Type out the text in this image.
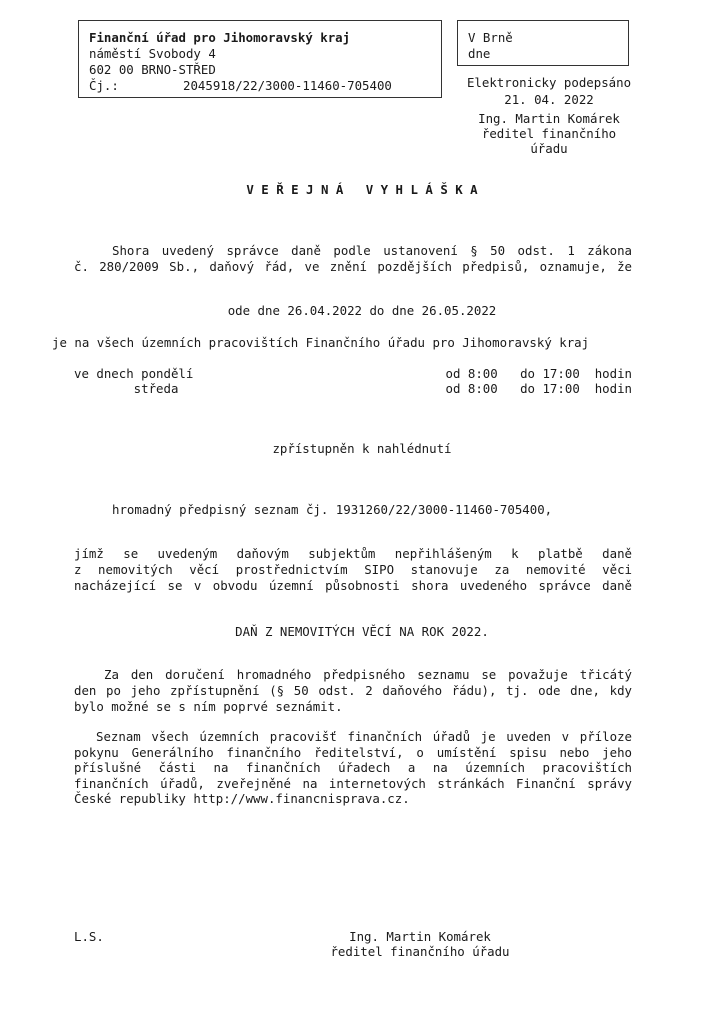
Finanční úřad pro Jihomoravský kraj
náměstí Svobody 4
602 00 BRNO-STŘED
Čj.:	2045918/22/3000-11460-705400
V Brně
dne
Elektronicky podepsáno
21. 04. 2022
Ing. Martin Komárek
ředitel finančního
úřadu
V E Ř E J N Á   V Y H L Á Š K A
Shora uvedený správce daně podle ustanovení § 50 odst. 1 zákona
č. 280/2009 Sb., daňový řád, ve znění pozdějších předpisů, oznamuje, že
ode dne 26.04.2022 do dne 26.05.2022
je na všech územních pracovištích Finančního úřadu pro Jihomoravský kraj
ve dnech pondělí	od 8:00   do 17:00  hodin
středa	od 8:00   do 17:00  hodin
zpřístupněn k nahlédnutí
hromadný předpisný seznam čj. 1931260/22/3000-11460-705400,
jímž se uvedeným daňovým subjektům nepřihlášeným k platbě daně
z nemovitých věcí prostřednictvím SIPO stanovuje za nemovité věci
nacházející se v obvodu územní působnosti shora uvedeného správce daně
DAŇ Z NEMOVITÝCH VĚCÍ NA ROK 2022.
Za den doručení hromadného předpisného seznamu se považuje třicátý
den po jeho zpřístupnění (§ 50 odst. 2 daňového řádu), tj. ode dne, kdy
bylo možné se s ním poprvé seznámit.
Seznam všech územních pracovišť finančních úřadů je uveden v příloze
pokynu Generálního finančního ředitelství, o umístění spisu nebo jeho
příslušné části na finančních úřadech a na územních pracovištích
finančních úřadů, zveřejněné na internetových stránkách Finanční správy
České republiky http://www.financnisprava.cz.
L.S.	Ing. Martin Komárek
ředitel finančního úřadu
